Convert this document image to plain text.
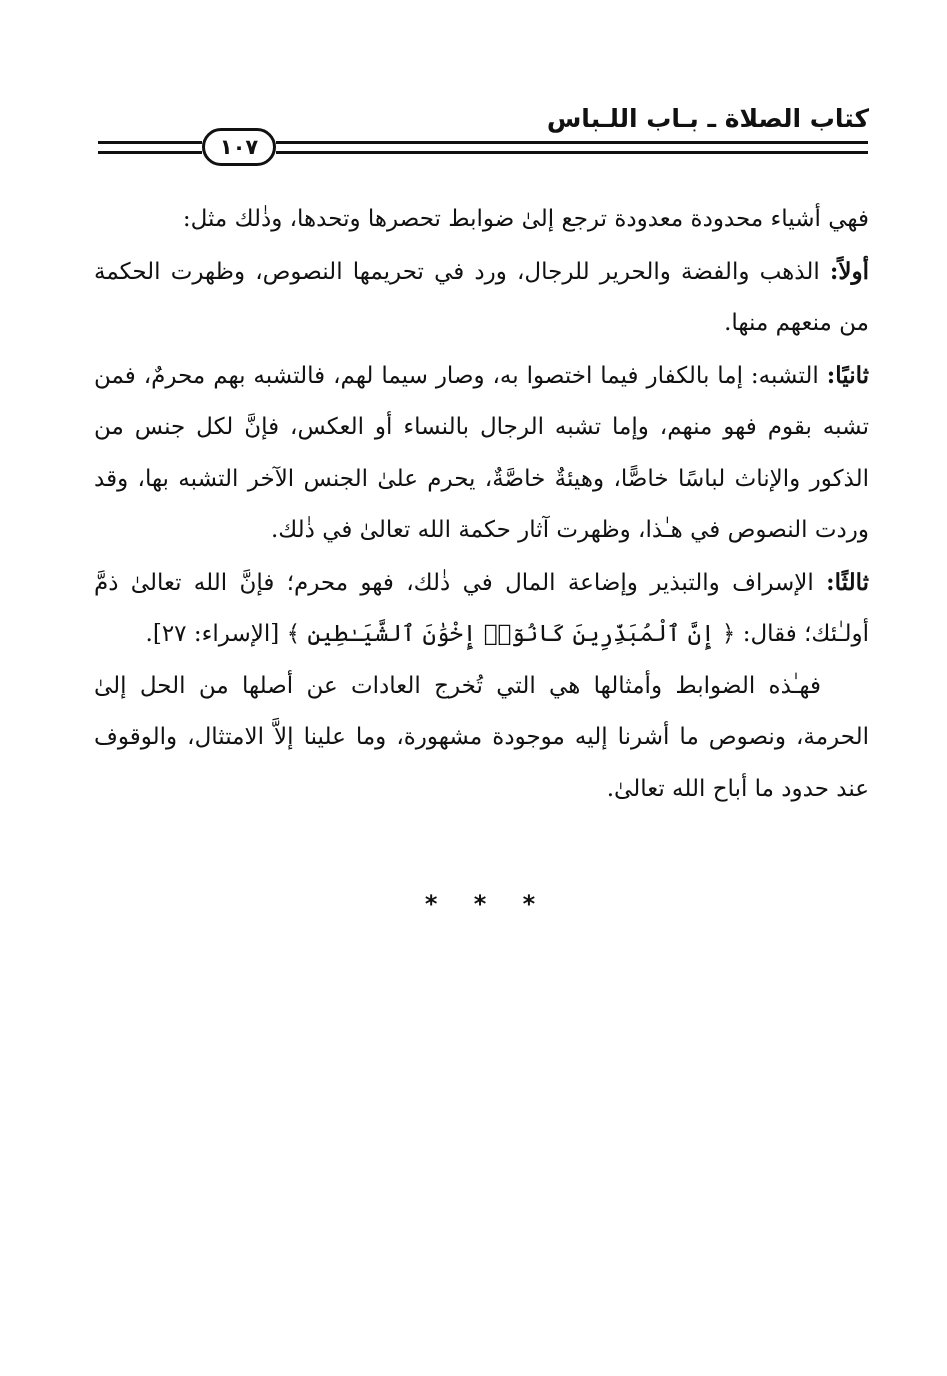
كتاب الصلاة ـ بـاب اللـباس
١٠٧

فهي أشياء محدودة معدودة ترجع إلىٰ ضوابط تحصرها وتحدها، وذٰلك مثل:

أولاً: الذهب والفضة والحرير للرجال، ورد في تحريمها النصوص، وظهرت الحكمة من منعهم منها.

ثانيًا: التشبه: إما بالكفار فيما اختصوا به، وصار سيما لهم، فالتشبه بهم محرمٌ، فمن تشبه بقوم فهو منهم، وإما تشبه الرجال بالنساء أو العكس، فإنَّ لكل جنس من الذكور والإناث لباسًا خاصًّا، وهيئةٌ خاصَّةٌ، يحرم علىٰ الجنس الآخر التشبه بها، وقد وردت النصوص في هـٰذا، وظهرت آثار حكمة الله تعالىٰ في ذٰلك.

ثالثًا: الإسراف والتبذير وإضاعة المال في ذٰلك، فهو محرم؛ فإنَّ الله تعالىٰ ذمَّ أولـٰئك؛ فقال: ﴿ إِنَّ ٱلْمُبَذِّرِينَ كَانُوٓا۟ إِخْوَٰنَ ٱلشَّيَـٰطِينِ ﴾ [الإسراء: ٢٧].

فهـٰذه الضوابط وأمثالها هي التي تُخرج العادات عن أصلها من الحل إلىٰ الحرمة، ونصوص ما أشرنا إليه موجودة مشهورة، وما علينا إلاَّ الامتثال، والوقوف عند حدود ما أباح الله تعالىٰ.

* * *
